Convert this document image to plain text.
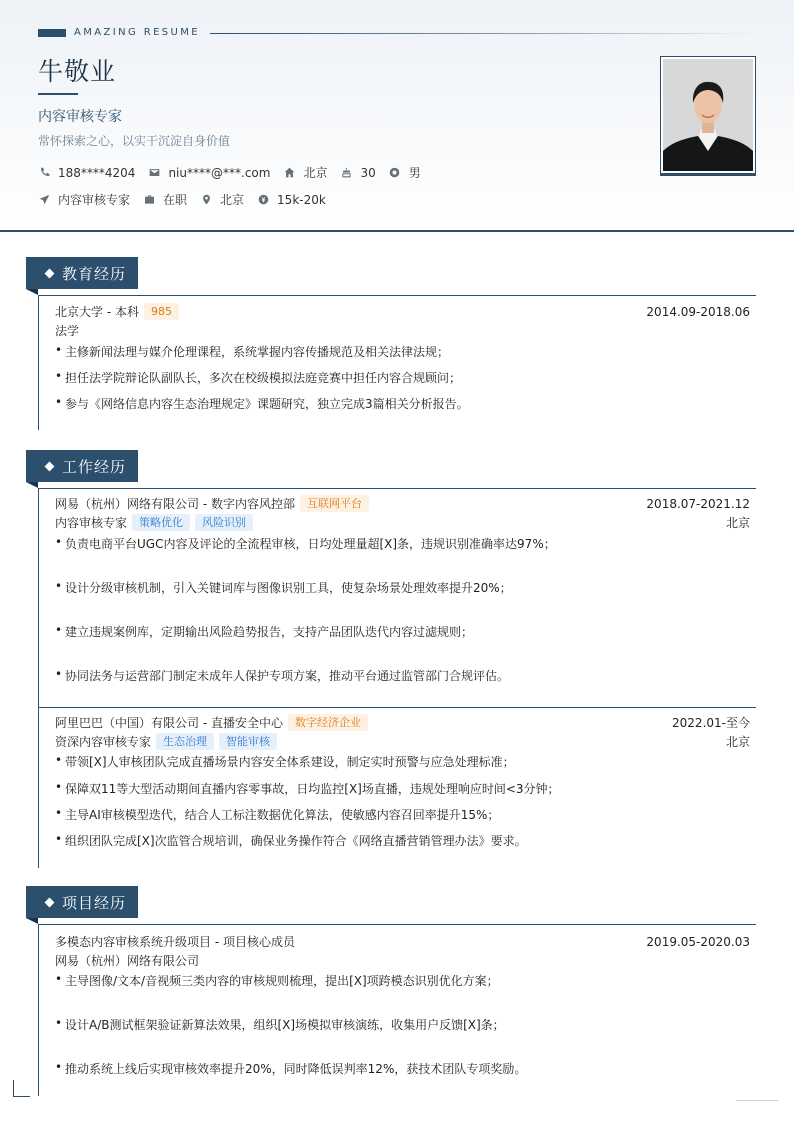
AMAZING RESUME
牛敬业
内容审核专家
常怀探索之心，以实干沉淀自身价值
188****4204	niu****@***.com	北京	30	男
内容审核专家	在职	北京	15k-20k
教育经历
北京大学 - 本科	985	2014.09-2018.06
法学
• 主修新闻法理与媒介伦理课程，系统掌握内容传播规范及相关法律法规；
• 担任法学院辩论队副队长，多次在校级模拟法庭竞赛中担任内容合规顾问；
• 参与《网络信息内容生态治理规定》课题研究，独立完成3篇相关分析报告。
工作经历
网易（杭州）网络有限公司 - 数字内容风控部	互联网平台	2018.07-2021.12
内容审核专家	策略优化	风险识别	北京
• 负责电商平台UGC内容及评论的全流程审核，日均处理量超[X]条，违规识别准确率达97%；
• 设计分级审核机制，引入关键词库与图像识别工具，使复杂场景处理效率提升20%；
• 建立违规案例库，定期输出风险趋势报告，支持产品团队迭代内容过滤规则；
• 协同法务与运营部门制定未成年人保护专项方案，推动平台通过监管部门合规评估。
阿里巴巴（中国）有限公司 - 直播安全中心	数字经济企业	2022.01-至今
资深内容审核专家	生态治理	智能审核	北京
• 带领[X]人审核团队完成直播场景内容安全体系建设，制定实时预警与应急处理标准；
• 保障双11等大型活动期间直播内容零事故，日均监控[X]场直播，违规处理响应时间<3分钟；
• 主导AI审核模型迭代，结合人工标注数据优化算法，使敏感内容召回率提升15%；
• 组织团队完成[X]次监管合规培训，确保业务操作符合《网络直播营销管理办法》要求。
项目经历
多模态内容审核系统升级项目 - 项目核心成员	2019.05-2020.03
网易（杭州）网络有限公司
• 主导图像/文本/音视频三类内容的审核规则梳理，提出[X]项跨模态识别优化方案；
• 设计A/B测试框架验证新算法效果，组织[X]场模拟审核演练，收集用户反馈[X]条；
• 推动系统上线后实现审核效率提升20%，同时降低误判率12%，获技术团队专项奖励。
